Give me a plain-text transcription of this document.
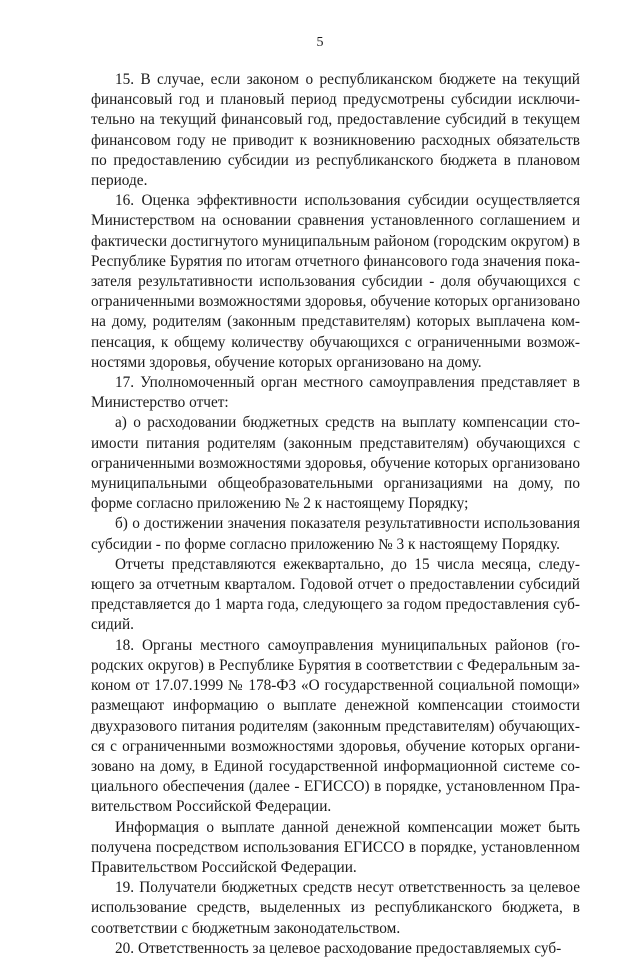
5

15. В случае, если законом о республиканском бюджете на текущий финансовый год и плановый период предусмотрены субсидии исключительно на текущий финансовый год, предоставление субсидий в текущем финансовом году не приводит к возникновению расходных обязательств по предоставлению субсидии из республиканского бюджета в плановом периоде.

16. Оценка эффективности использования субсидии осуществляется Министерством на основании сравнения установленного соглашением и фактически достигнутого муниципальным районом (городским округом) в Республике Бурятия по итогам отчетного финансового года значения показателя результативности использования субсидии - доля обучающихся с ограниченными возможностями здоровья, обучение которых организовано на дому, родителям (законным представителям) которых выплачена компенсация, к общему количеству обучающихся с ограниченными возможностями здоровья, обучение которых организовано на дому.

17. Уполномоченный орган местного самоуправления представляет в Министерство отчет:

а) о расходовании бюджетных средств на выплату компенсации стоимости питания родителям (законным представителям) обучающихся с ограниченными возможностями здоровья, обучение которых организовано муниципальными общеобразовательными организациями на дому, по форме согласно приложению № 2 к настоящему Порядку;

б) о достижении значения показателя результативности использования субсидии - по форме согласно приложению № 3 к настоящему Порядку.

Отчеты представляются ежеквартально, до 15 числа месяца, следующего за отчетным кварталом. Годовой отчет о предоставлении субсидий представляется до 1 марта года, следующего за годом предоставления субсидий.

18. Органы местного самоуправления муниципальных районов (городских округов) в Республике Бурятия в соответствии с Федеральным законом от 17.07.1999 № 178-ФЗ «О государственной социальной помощи» размещают информацию о выплате денежной компенсации стоимости двухразового питания родителям (законным представителям) обучающихся с ограниченными возможностями здоровья, обучение которых организовано на дому, в Единой государственной информационной системе социального обеспечения (далее - ЕГИССО) в порядке, установленном Правительством Российской Федерации.

Информация о выплате данной денежной компенсации может быть получена посредством использования ЕГИССО в порядке, установленном Правительством Российской Федерации.

19. Получатели бюджетных средств несут ответственность за целевое использование средств, выделенных из республиканского бюджета, в соответствии с бюджетным законодательством.

20. Ответственность за целевое расходование предоставляемых суб-
